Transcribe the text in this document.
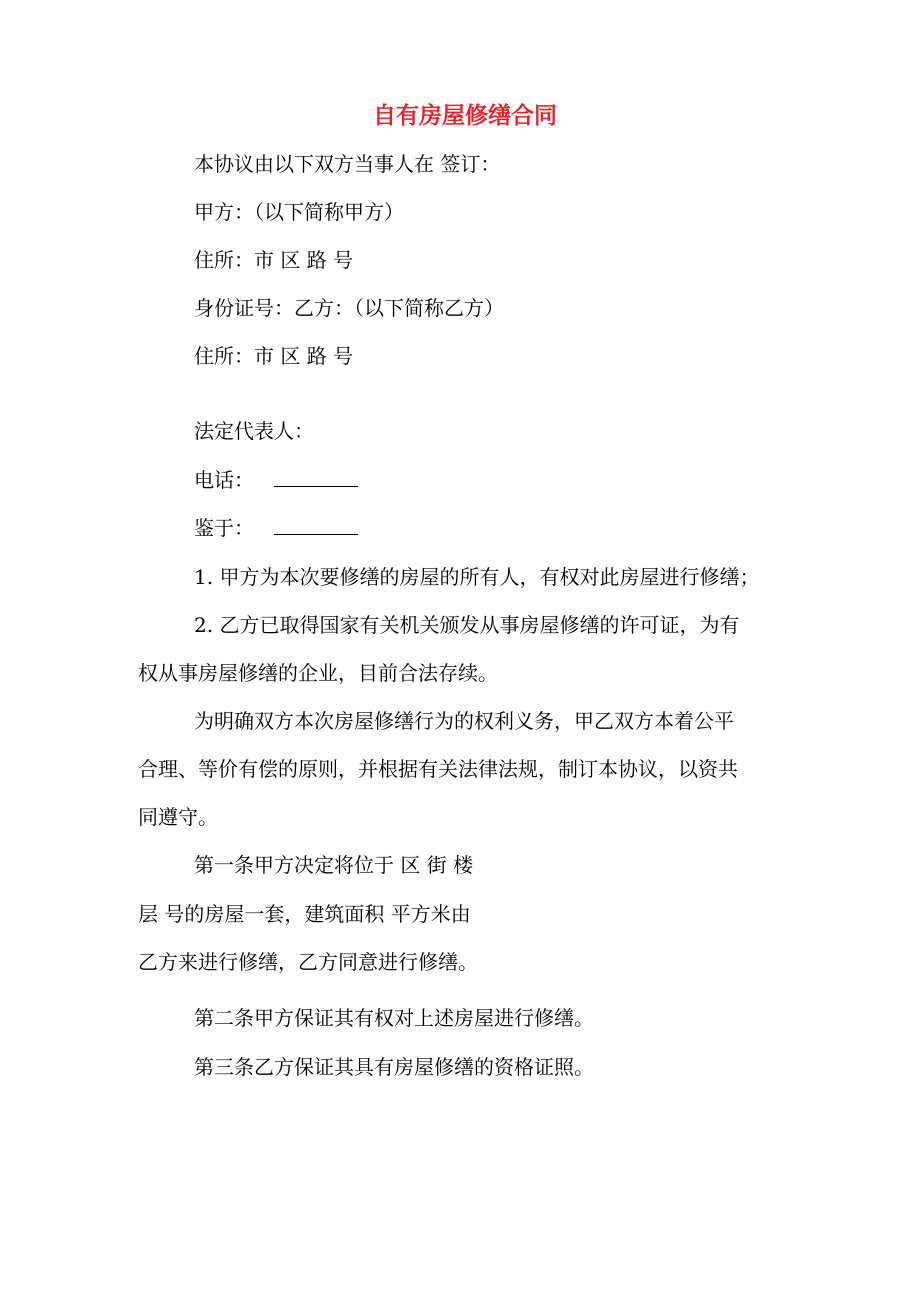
自有房屋修缮合同
本协议由以下双方当事人在 签订：
甲方：（以下简称甲方）
住所：市 区 路 号
身份证号：乙方：（以下简称乙方）
住所：市 区 路 号
法定代表人：
电话：
鉴于：
1. 甲方为本次要修缮的房屋的所有人，有权对此房屋进行修缮；
2. 乙方已取得国家有关机关颁发从事房屋修缮的许可证，为有
权从事房屋修缮的企业，目前合法存续。
为明确双方本次房屋修缮行为的权利义务，甲乙双方本着公平
合理、等价有偿的原则，并根据有关法律法规，制订本协议，以资共
同遵守。
第一条甲方决定将位于 区 街 楼
层 号的房屋一套，建筑面积 平方米由
乙方来进行修缮，乙方同意进行修缮。
第二条甲方保证其有权对上述房屋进行修缮。
第三条乙方保证其具有房屋修缮的资格证照。
